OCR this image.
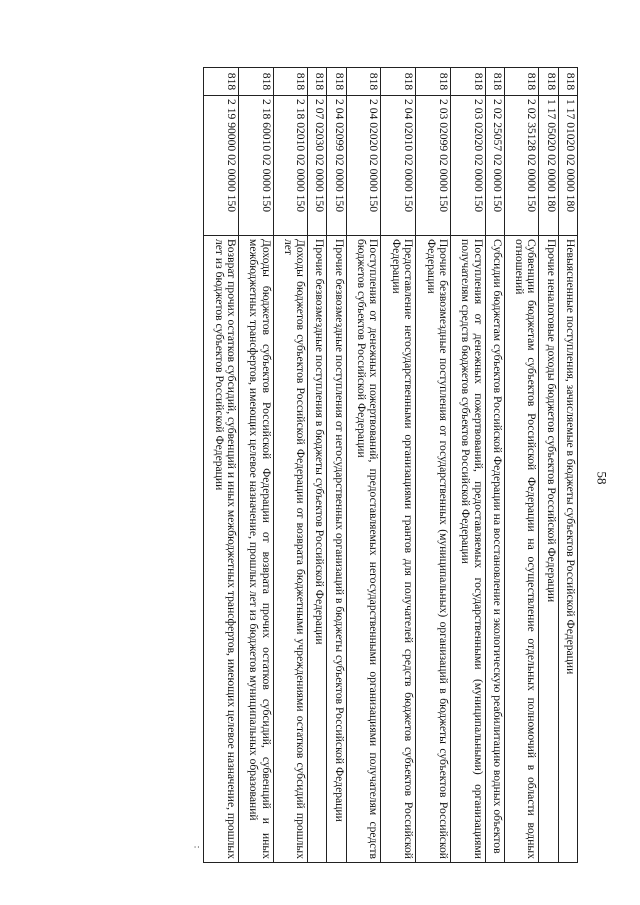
58
818	1 17 01020 02 0000 180	Невыясненные поступления, зачисляемые в бюджеты субъектов Российской Федерации
818	1 17 05020 02 0000 180	Прочие неналоговые доходы бюджетов субъектов Российской Федерации
818	2 02 35128 02 0000 150	Субвенции бюджетам субъектов Российской Федерации на осуществление отдельных полномочий в области водных отношений
818	2 02 25057 02 0000 150	Субсидии бюджетам субъектов Российской Федерации на восстановление и экологическую реабилитацию водных объектов
818	2 03 02020 02 0000 150	Поступления от денежных пожертвований, предоставляемых государственными (муниципальными) организациями получателям средств бюджетов субъектов Российской Федерации
818	2 03 02099 02 0000 150	Прочие безвозмездные поступления от государственных (муниципальных) организаций в бюджеты субъектов Российской Федерации
818	2 04 02010 02 0000 150	Предоставление негосударственными организациями грантов для получателей средств бюджетов субъектов Российской Федерации
818	2 04 02020 02 0000 150	Поступления от денежных пожертвований, предоставляемых негосударственными организациями получателям средств бюджетов субъектов Российской Федерации
818	2 04 02099 02 0000 150	Прочие безвозмездные поступления от негосударственных организаций в бюджеты субъектов Российской Федерации
818	2 07 02030 02 0000 150	Прочие безвозмездные поступления в бюджеты субъектов Российской Федерации
818	2 18 02010 02 0000 150	Доходы бюджетов субъектов Российской Федерации от возврата бюджетными учреждениями остатков субсидий прошлых лет
818	2 18 60010 02 0000 150	Доходы бюджетов субъектов Российской Федерации от возврата прочих остатков субсидий, субвенций и иных межбюджетных трансфертов, имеющих целевое назначение, прошлых лет из бюджетов муниципальных образований
818	2 19 90000 02 0000 150	Возврат прочих остатков субсидий, субвенций и иных межбюджетных трансфертов, имеющих целевое назначение, прошлых лет из бюджетов субъектов Российской Федерации
:
